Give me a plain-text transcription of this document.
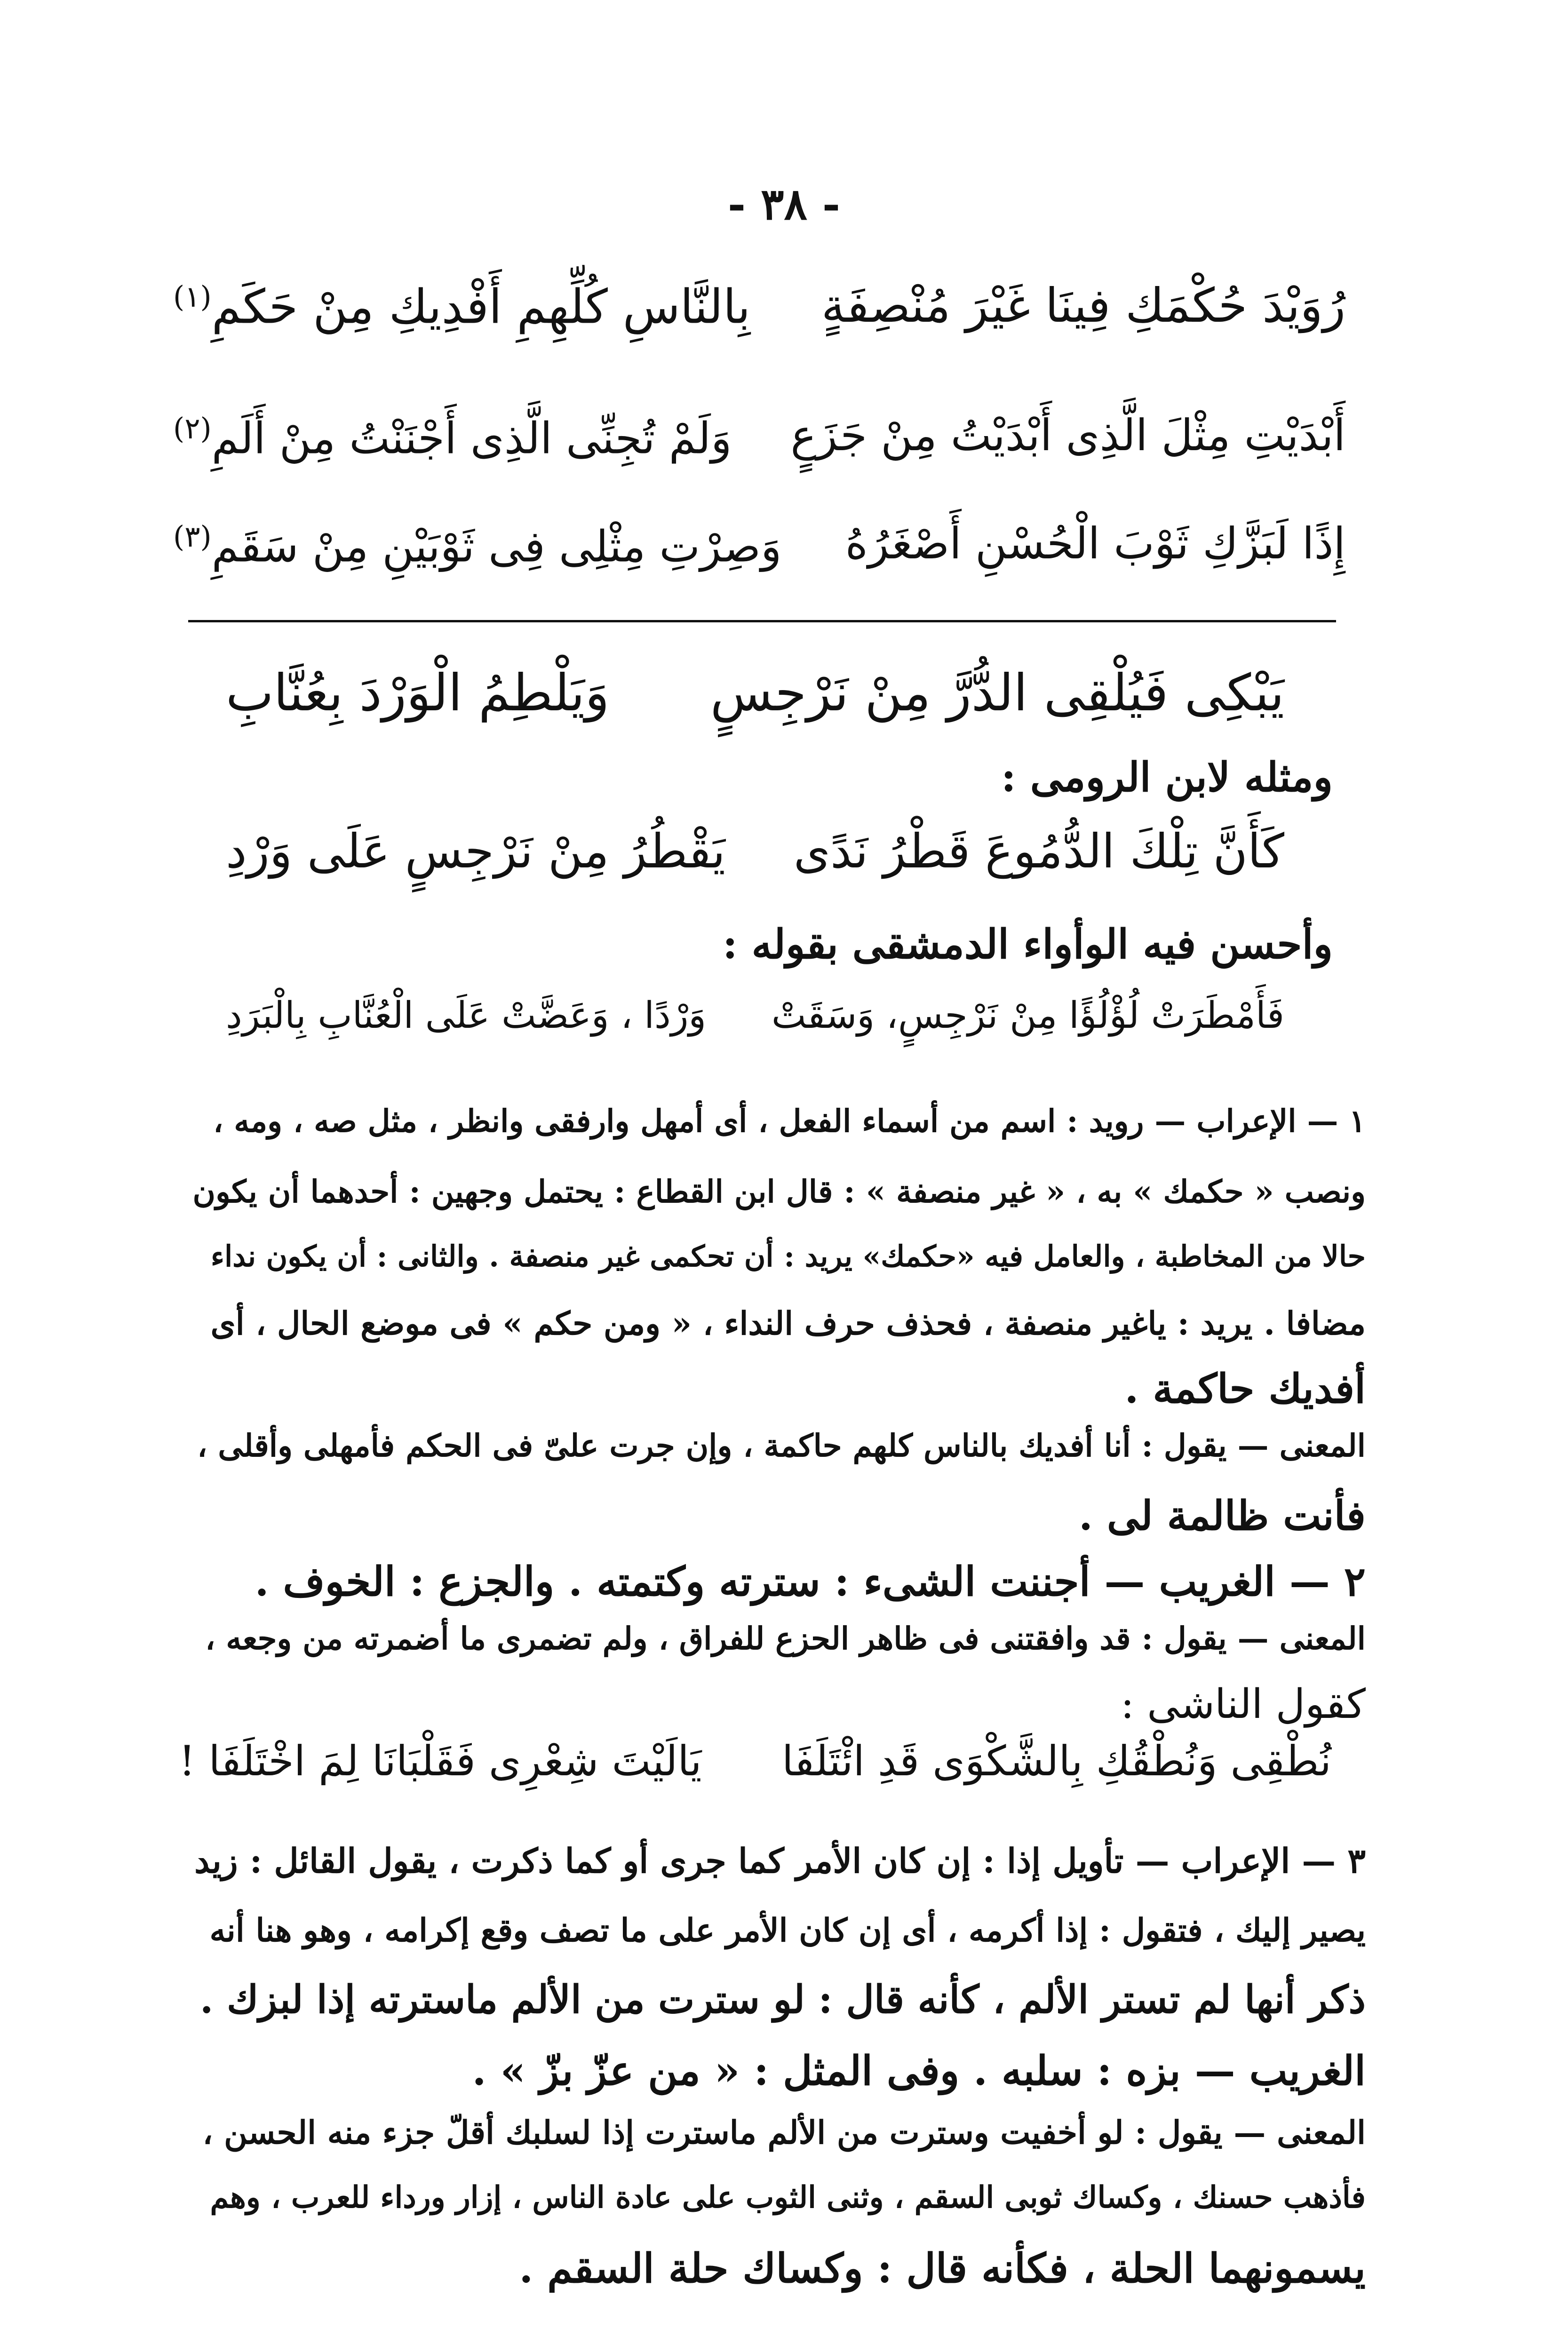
- ٣٨ -
رُوَيْدَ حُكْمَكِ فِينَا غَيْرَ مُنْصِفَةٍ
بِالنَّاسِ كُلِّهِمِ أَفْدِيكِ مِنْ حَكَمِ$^{(١)}$
أَبْدَيْتِ مِثْلَ الَّذِى أَبْدَيْتُ مِنْ جَزَعٍ
وَلَمْ تُجِنِّى الَّذِى أَجْنَنْتُ مِنْ أَلَمِ$^{(٢)}$
إِذًا لَبَزَّكِ ثَوْبَ الْحُسْنِ أَصْغَرُهُ
وَصِرْتِ مِثْلِى فِى ثَوْبَيْنِ مِنْ سَقَمِ$^{(٣)}$
يَبْكِى فَيُلْقِى الدُّرَّ مِنْ نَرْجِسٍ
وَيَلْطِمُ الْوَرْدَ بِعُنَّابِ
ومثله لابن الرومى :
كَأَنَّ تِلْكَ الدُّمُوعَ قَطْرُ نَدًى
يَقْطُرُ مِنْ نَرْجِسٍ عَلَى وَرْدِ
وأحسن فيه الوأواء الدمشقى بقوله :
فَأَمْطَرَتْ لُؤْلُؤًا مِنْ نَرْجِسٍ، وَسَقَتْ
وَرْدًا ، وَعَضَّتْ عَلَى الْعُنَّابِ بِالْبَرَدِ
١ — الإعراب — رويد : اسم من أسماء الفعل ، أى أمهل وارفقى وانظر ، مثل صه ، ومه ،
ونصب « حكمك » به ، « غير منصفة » : قال ابن القطاع : يحتمل وجهين : أحدهما أن يكون
حالا من المخاطبة ، والعامل فيه «حكمك» يريد : أن تحكمى غير منصفة . والثانى : أن يكون نداء
مضافا . يريد : ياغير منصفة ، فحذف حرف النداء ، « ومن حكم » فى موضع الحال ، أى
أفديك حاكمة .
المعنى — يقول : أنا أفديك بالناس كلهم حاكمة ، وإن جرت علىّ فى الحكم فأمهلى وأقلى ،
فأنت ظالمة لى .
٢ — الغريب — أجننت الشىء : سترته وكتمته . والجزع : الخوف .
المعنى — يقول : قد وافقتنى فى ظاهر الحزع للفراق ، ولم تضمرى ما أضمرته من وجعه ،
كقول الناشى :
نُطْقِى وَنُطْقُكِ بِالشَّكْوَى قَدِ ائْتَلَفَا
يَالَيْتَ شِعْرِى فَقَلْبَانَا لِمَ اخْتَلَفَا !
٣ — الإعراب — تأويل إذا : إن كان الأمر كما جرى أو كما ذكرت ، يقول القائل : زيد
يصير إليك ، فتقول : إذا أكرمه ، أى إن كان الأمر على ما تصف وقع إكرامه ، وهو هنا أنه
ذكر أنها لم تستر الألم ، كأنه قال : لو سترت من الألم ماسترته إذا لبزك .
الغريب — بزه : سلبه . وفى المثل : « من عزّ بزّ » .
المعنى — يقول : لو أخفيت وسترت من الألم ماسترت إذا لسلبك أقلّ جزء منه الحسن ،
فأذهب حسنك ، وكساك ثوبى السقم ، وثنى الثوب على عادة الناس ، إزار ورداء للعرب ، وهم
يسمونهما الحلة ، فكأنه قال : وكساك حلة السقم .
